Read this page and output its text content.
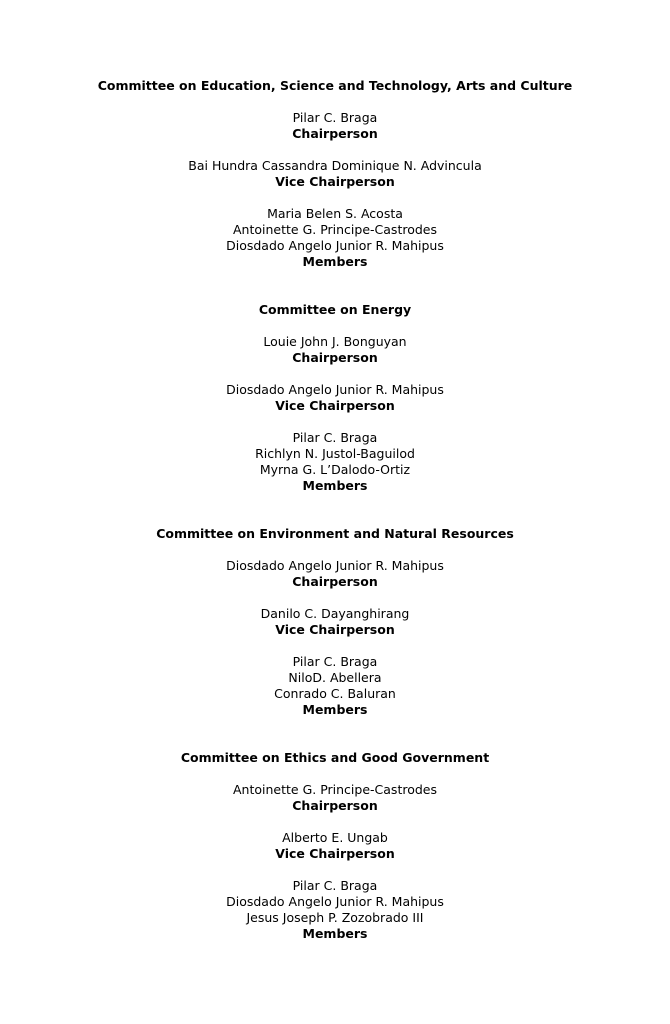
Committee on Education, Science and Technology, Arts and Culture
Pilar C. Braga
Chairperson
Bai Hundra Cassandra Dominique N. Advincula
Vice Chairperson
Maria Belen S. Acosta
Antoinette G. Principe-Castrodes
Diosdado Angelo Junior R. Mahipus
Members
Committee on Energy
Louie John J. Bonguyan
Chairperson
Diosdado Angelo Junior R. Mahipus
Vice Chairperson
Pilar C. Braga
Richlyn N. Justol-Baguilod
Myrna G. L’Dalodo-Ortiz
Members
Committee on Environment and Natural Resources
Diosdado Angelo Junior R. Mahipus
Chairperson
Danilo C. Dayanghirang
Vice Chairperson
Pilar C. Braga
NiloD. Abellera
Conrado C. Baluran
Members
Committee on Ethics and Good Government
Antoinette G. Principe-Castrodes
Chairperson
Alberto E. Ungab
Vice Chairperson
Pilar C. Braga
Diosdado Angelo Junior R. Mahipus
Jesus Joseph P. Zozobrado III
Members
